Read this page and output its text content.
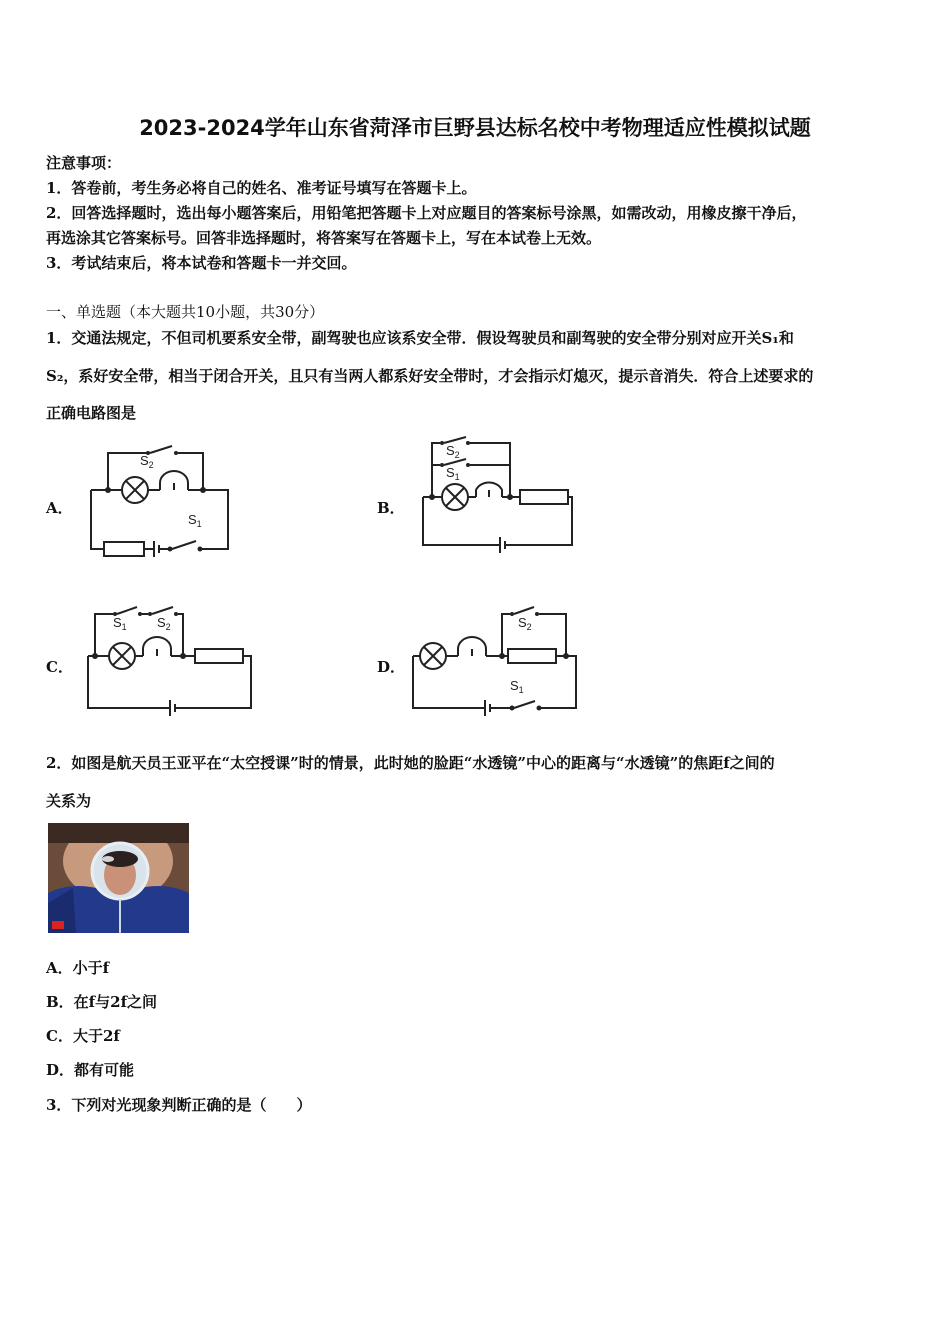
2023-2024学年山东省菏泽市巨野县达标名校中考物理适应性模拟试题
注意事项：
1．答卷前，考生务必将自己的姓名、准考证号填写在答题卡上。
2．回答选择题时，选出每小题答案后，用铅笔把答题卡上对应题目的答案标号涂黑，如需改动，用橡皮擦干净后，
再选涂其它答案标号。回答非选择题时，将答案写在答题卡上，写在本试卷上无效。
3．考试结束后，将本试卷和答题卡一并交回。
一、单选题（本大题共10小题，共30分）
1．交通法规定，不但司机要系安全带，副驾驶也应该系安全带．假设驾驶员和副驾驶的安全带分别对应开关S₁和
S₂，系好安全带，相当于闭合开关，且只有当两人都系好安全带时，才会指示灯熄灭，提示音消失．符合上述要求的
正确电路图是
A．
$S_2$
$S_1$
B．
$S_2$
$S_1$
C．
$S_1$ $S_2$
D．
$S_2$
$S_1$
2．如图是航天员王亚平在“太空授课”时的情景，此时她的脸距“水透镜”中心的距离与“水透镜”的焦距f之间的
关系为
A．小于f
B．在f与2f之间
C．大于2f
D．都有可能
3．下列对光现象判断正确的是（　　）
